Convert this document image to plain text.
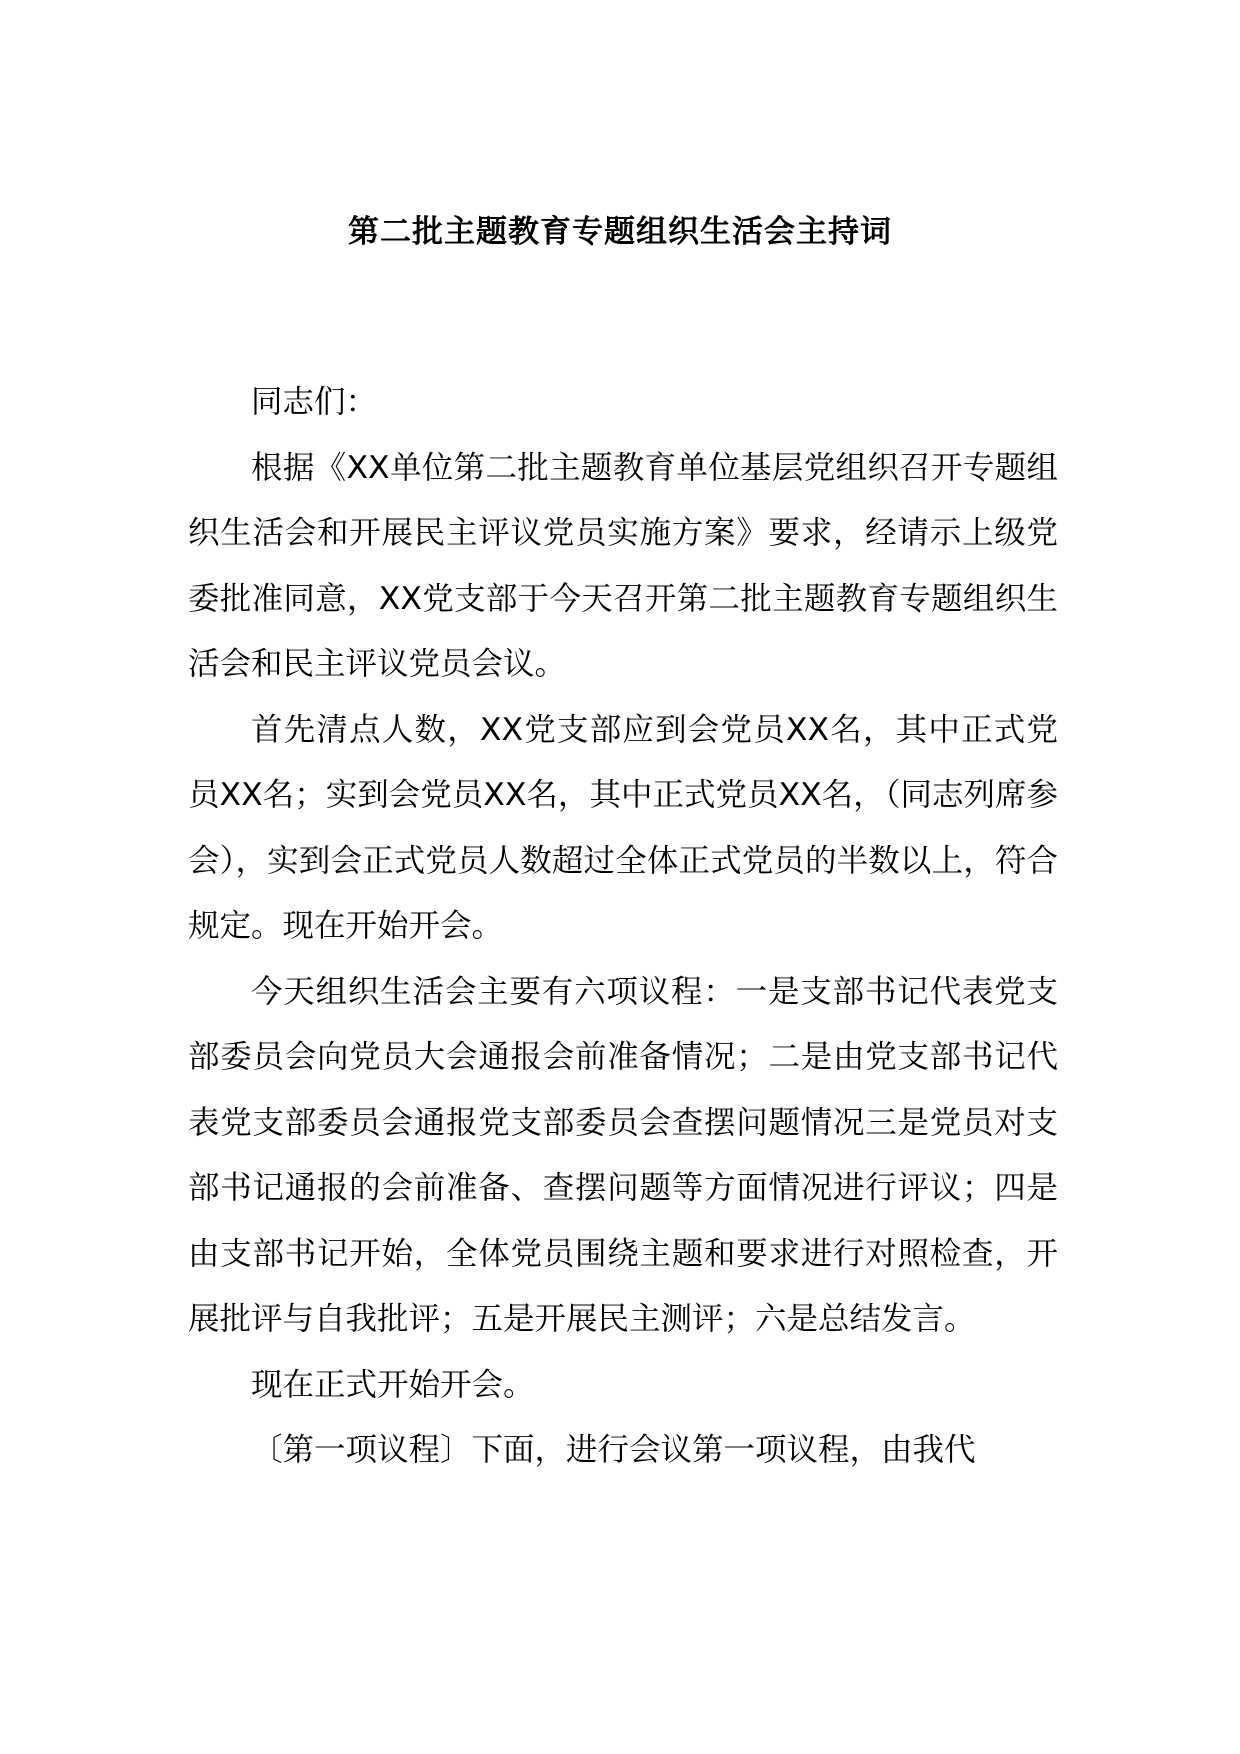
第二批主题教育专题组织生活会主持词

同志们：

根据《XX单位第二批主题教育单位基层党组织召开专题组织生活会和开展民主评议党员实施方案》要求，经请示上级党委批准同意，XX党支部于今天召开第二批主题教育专题组织生活会和民主评议党员会议。

首先清点人数，XX党支部应到会党员XX名，其中正式党员XX名；实到会党员XX名，其中正式党员XX名，（同志列席参会），实到会正式党员人数超过全体正式党员的半数以上，符合规定。现在开始开会。

今天组织生活会主要有六项议程：一是支部书记代表党支部委员会向党员大会通报会前准备情况；二是由党支部书记代表党支部委员会通报党支部委员会查摆问题情况三是党员对支部书记通报的会前准备、查摆问题等方面情况进行评议；四是由支部书记开始，全体党员围绕主题和要求进行对照检查，开展批评与自我批评；五是开展民主测评；六是总结发言。

现在正式开始开会。

〔第一项议程〕下面，进行会议第一项议程，由我代
